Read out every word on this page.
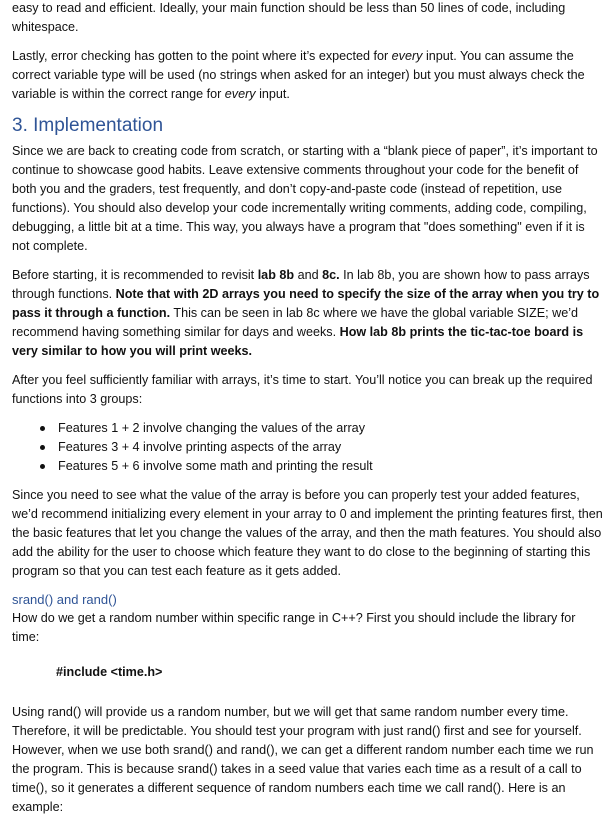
easy to read and efficient. Ideally, your main function should be less than 50 lines of code, including whitespace.

Lastly, error checking has gotten to the point where it’s expected for every input. You can assume the correct variable type will be used (no strings when asked for an integer) but you must always check the variable is within the correct range for every input.

3. Implementation

Since we are back to creating code from scratch, or starting with a “blank piece of paper”, it’s important to continue to showcase good habits. Leave extensive comments throughout your code for the benefit of both you and the graders, test frequently, and don’t copy-and-paste code (instead of repetition, use functions). You should also develop your code incrementally writing comments, adding code, compiling, debugging, a little bit at a time. This way, you always have a program that "does something" even if it is not complete.

Before starting, it is recommended to revisit lab 8b and 8c. In lab 8b, you are shown how to pass arrays through functions. Note that with 2D arrays you need to specify the size of the array when you try to pass it through a function. This can be seen in lab 8c where we have the global variable SIZE; we’d recommend having something similar for days and weeks. How lab 8b prints the tic-tac-toe board is very similar to how you will print weeks.

After you feel sufficiently familiar with arrays, it’s time to start. You’ll notice you can break up the required functions into 3 groups:

Features 1 + 2 involve changing the values of the array
Features 3 + 4 involve printing aspects of the array
Features 5 + 6 involve some math and printing the result

Since you need to see what the value of the array is before you can properly test your added features, we’d recommend initializing every element in your array to 0 and implement the printing features first, then the basic features that let you change the values of the array, and then the math features. You should also add the ability for the user to choose which feature they want to do close to the beginning of starting this program so that you can test each feature as it gets added.

srand() and rand()

How do we get a random number within specific range in C++? First you should include the library for time:

#include <time.h>

Using rand() will provide us a random number, but we will get that same random number every time. Therefore, it will be predictable. You should test your program with just rand() first and see for yourself. However, when we use both srand() and rand(), we can get a different random number each time we run the program. This is because srand() takes in a seed value that varies each time as a result of a call to time(), so it generates a different sequence of random numbers each time we call rand(). Here is an example:
